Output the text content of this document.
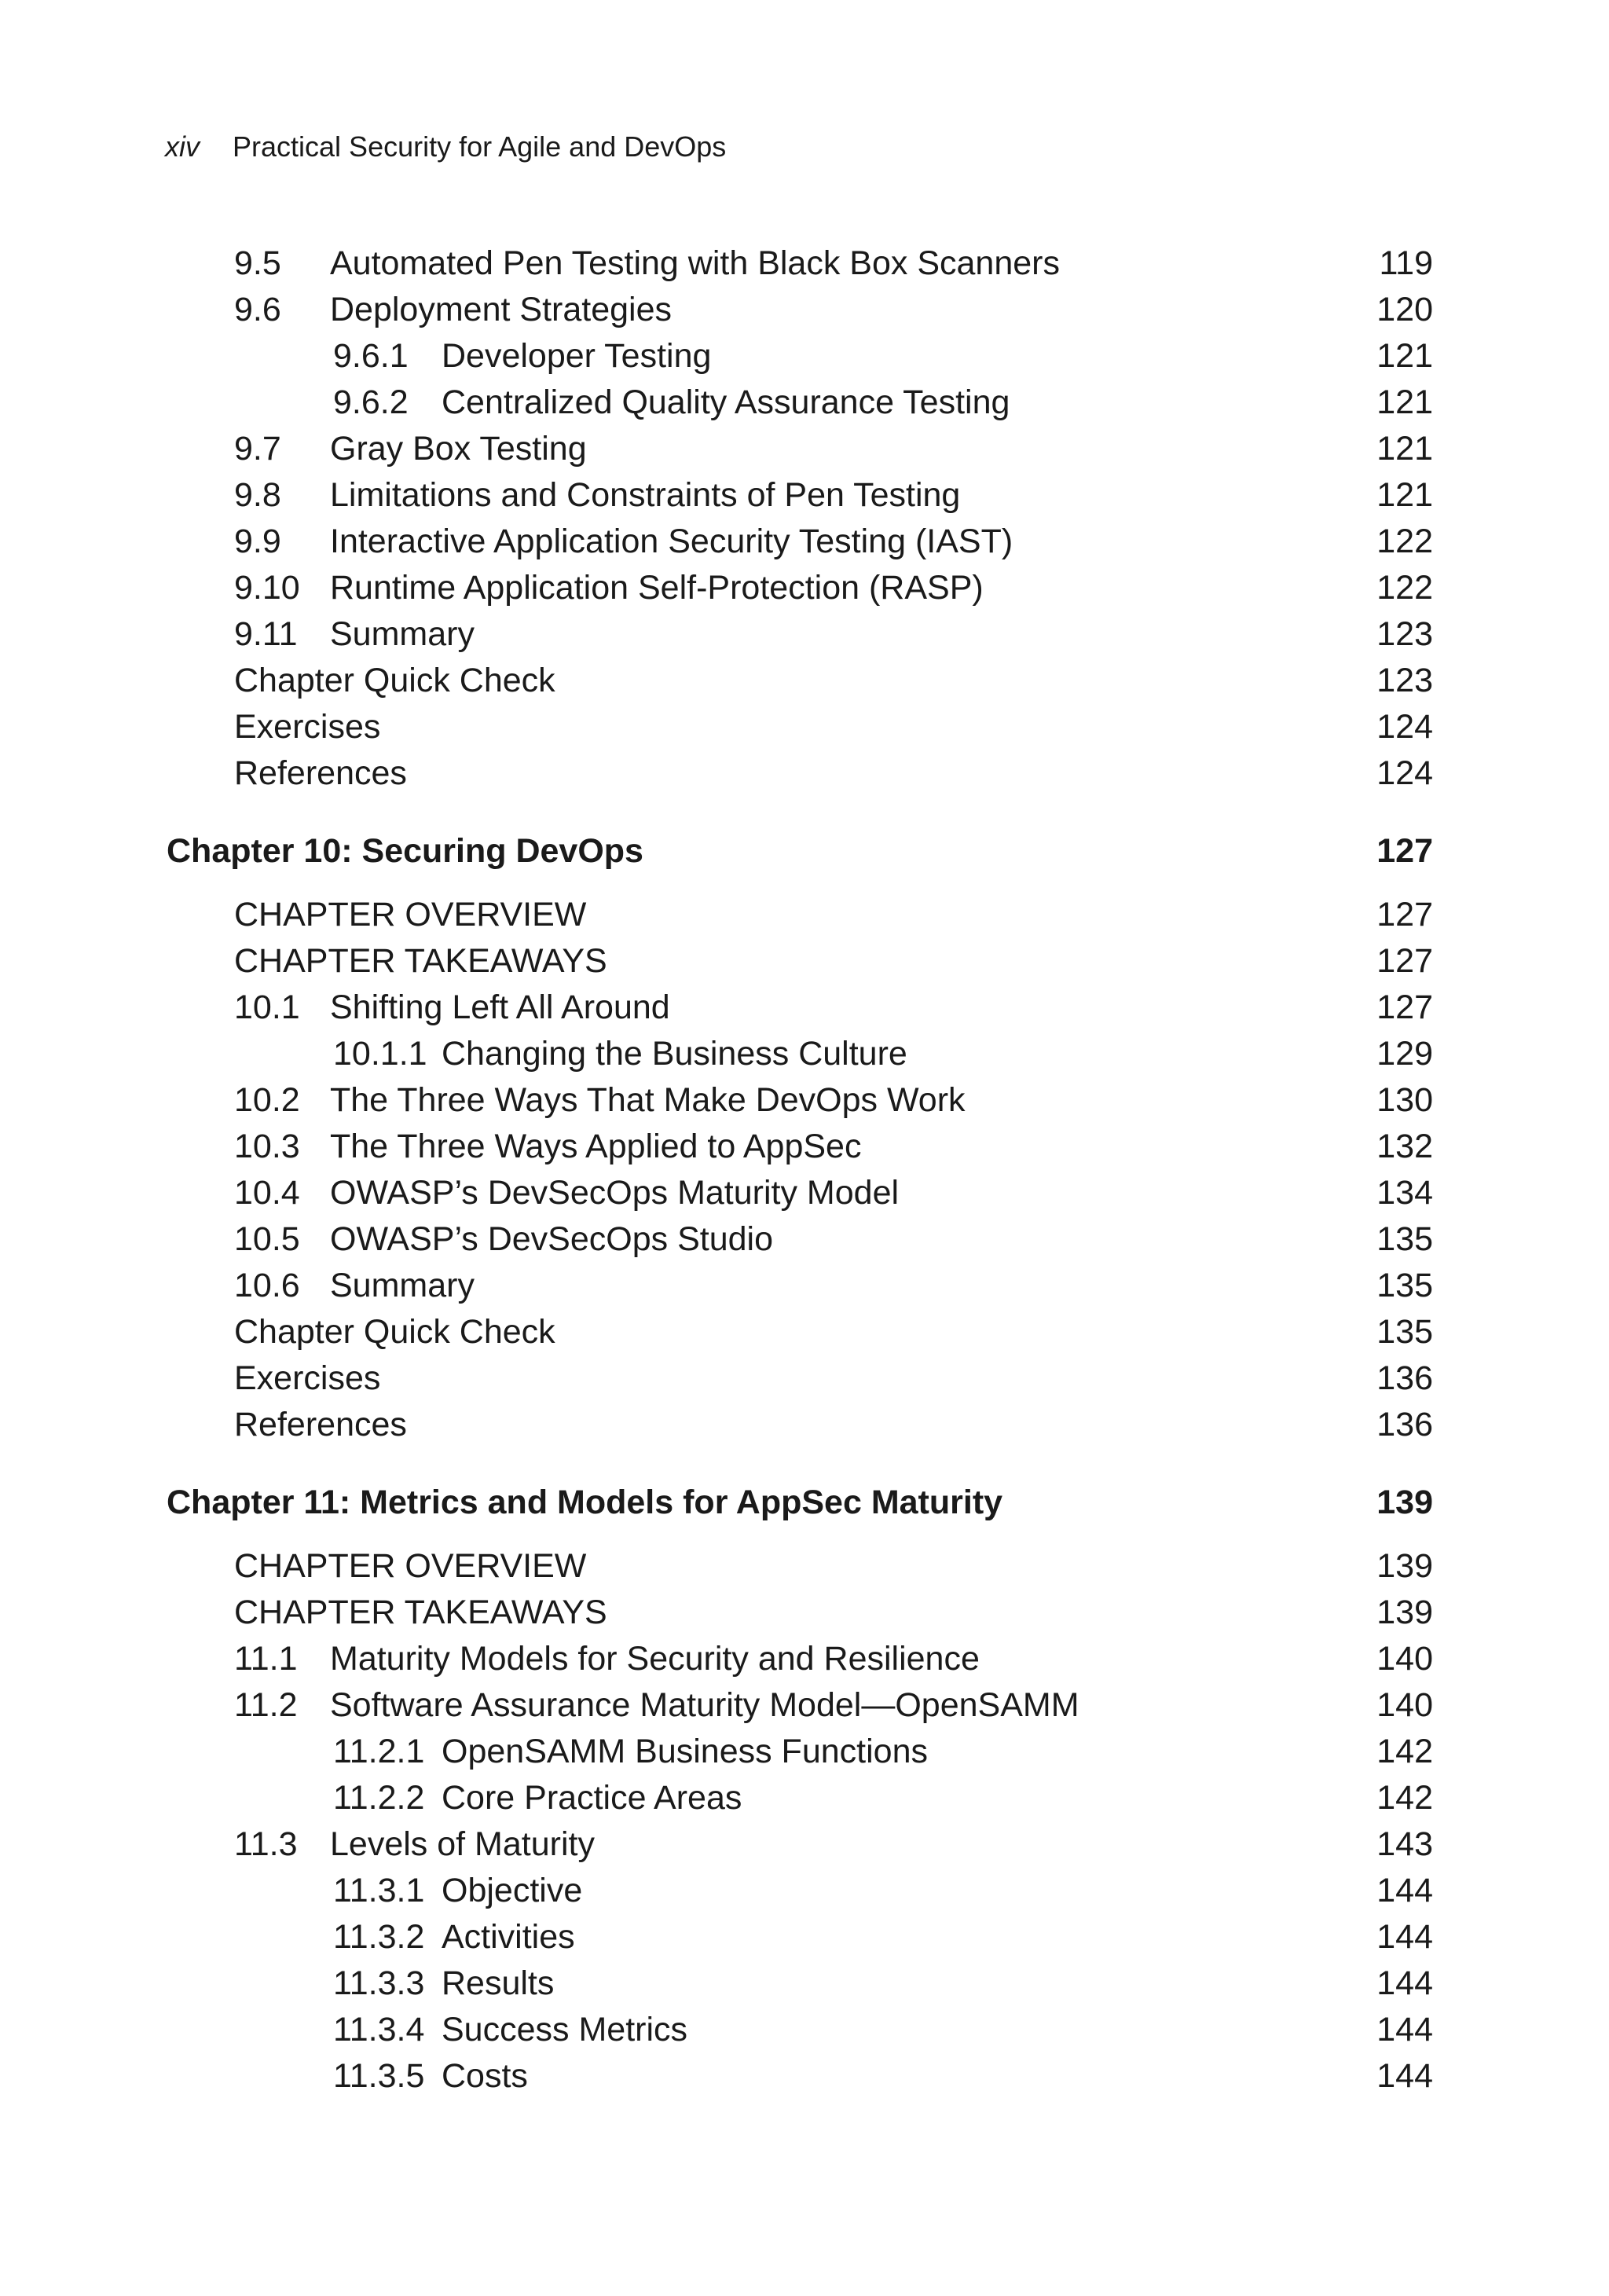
xiv Practical Security for Agile and DevOps
9.5 Automated Pen Testing with Black Box Scanners	119
9.6 Deployment Strategies	120
9.6.1 Developer Testing	121
9.6.2 Centralized Quality Assurance Testing	121
9.7 Gray Box Testing	121
9.8 Limitations and Constraints of Pen Testing	121
9.9 Interactive Application Security Testing (IAST)	122
9.10 Runtime Application Self-Protection (RASP)	122
9.11 Summary	123
Chapter Quick Check	123
Exercises	124
References	124
Chapter 10: Securing DevOps	127
CHAPTER OVERVIEW	127
CHAPTER TAKEAWAYS	127
10.1 Shifting Left All Around	127
10.1.1 Changing the Business Culture	129
10.2 The Three Ways That Make DevOps Work	130
10.3 The Three Ways Applied to AppSec	132
10.4 OWASP’s DevSecOps Maturity Model	134
10.5 OWASP’s DevSecOps Studio	135
10.6 Summary	135
Chapter Quick Check	135
Exercises	136
References	136
Chapter 11: Metrics and Models for AppSec Maturity	139
CHAPTER OVERVIEW	139
CHAPTER TAKEAWAYS	139
11.1 Maturity Models for Security and Resilience	140
11.2 Software Assurance Maturity Model—OpenSAMM	140
11.2.1 OpenSAMM Business Functions	142
11.2.2 Core Practice Areas	142
11.3 Levels of Maturity	143
11.3.1 Objective	144
11.3.2 Activities	144
11.3.3 Results	144
11.3.4 Success Metrics	144
11.3.5 Costs	144
